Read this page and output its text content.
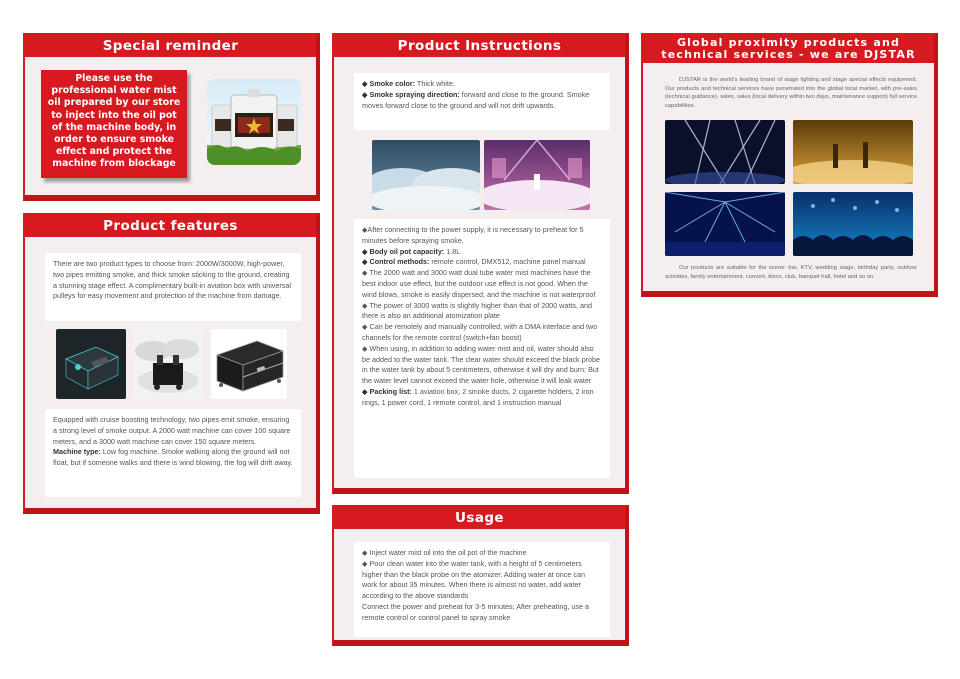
Special reminder
Please use the professional water mist oil prepared by our store to inject into the oil pot of the machine body, in order to ensure smoke effect and protect the machine from blockage
Product features
There are two product types to choose from: 2000W/3000W, high-power, two pipes emitting smoke, and thick smoke sticking to the ground, creating a stunning stage effect. A complimentary built-in aviation box with universal pulleys for easy movement and protection of the machine from damage.
Equipped with cruise boosting technology, two pipes emit smoke, ensuring a strong level of smoke output. A 2000 watt machine can cover 100 square meters, and a 3000 watt machine can cover 150 square meters.
Machine type: Low fog machine. Smoke walking along the ground will not float, but if someone walks and there is wind blowing, the fog will drift away.
Product Instructions
◆ Smoke color: Thick white.
◆ Smoke spraying direction: forward and close to the ground. Smoke moves forward close to the ground and will not drift upwards.
◆After connecting to the power supply, it is necessary to preheat for 5 minutes before spraying smoke.
◆ Body oil pot capacity: 1.8L
◆ Control methods: remote control, DMX512, machine panel manual
◆ The 2000 watt and 3000 watt dual tube water mist machines have the best indoor use effect, but the outdoor use effect is not good. When the wind blows, smoke is easily dispersed, and the machine is not waterproof
◆ The power of 3000 watts is slightly higher than that of 2000 watts, and there is also an additional atomization plate
◆ Can be remotely and manually controlled, with a DMA interface and two channels for the remote control (switch+fan boost)
◆ When using, in addition to adding water mist and oil, water should also be added to the water tank. The clear water should exceed the black probe in the water tank by about 5 centimeters, otherwise it will dry and burn; But the water level cannot exceed the water hole, otherwise it will leak water
◆ Packing list: 1 aviation box, 2 smoke ducts, 2 cigarette holders, 2 iron rings, 1 power cord, 1 remote control, and 1 instruction manual
Usage
◆ Inject water mist oil into the oil pot of the machine
◆ Pour clean water into the water tank, with a height of 5 centimeters higher than the black probe on the atomizer. Adding water at once can work for about 35 minutes. When there is almost no water, add water according to the above standards
Connect the power and preheat for 3-5 minutes; After preheating, use a remote control or control panel to spray smoke
Global proximity products and
technical services - we are DJSTAR
DJSTAR is the world's leading brand of stage lighting and stage special effects equipment. Our products and technical services have penetrated into the global local market, with pre-sales (technical guidance), sales, sales (local delivery within two days, maintenance support) full service capabilities.
Our products are suitable for the scene: bar, KTV, wedding stage, birthday party, outdoor activities, family entertainment, concert, disco, club, banquet hall, hotel and so on.
